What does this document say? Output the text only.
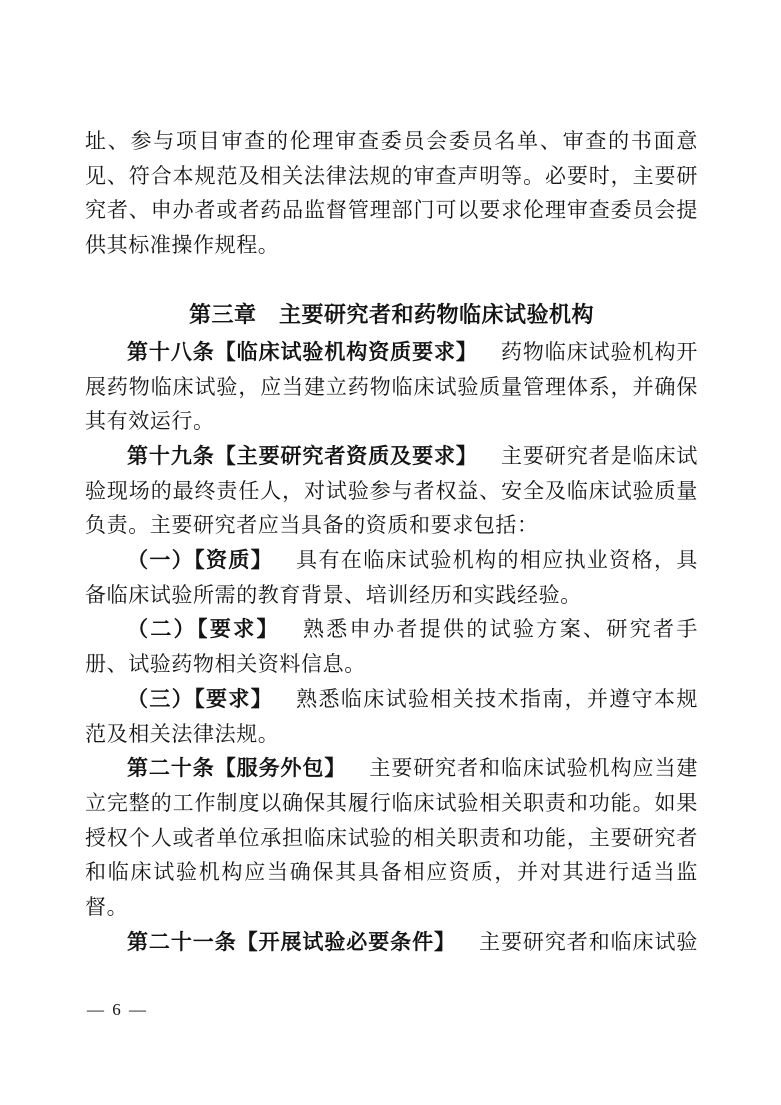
址、参与项目审查的伦理审查委员会委员名单、审查的书面意见、符合本规范及相关法律法规的审查声明等。必要时，主要研究者、申办者或者药品监督管理部门可以要求伦理审查委员会提供其标准操作规程。

第三章　主要研究者和药物临床试验机构

第十八条【临床试验机构资质要求】 药物临床试验机构开展药物临床试验，应当建立药物临床试验质量管理体系，并确保其有效运行。

第十九条【主要研究者资质及要求】 主要研究者是临床试验现场的最终责任人，对试验参与者权益、安全及临床试验质量负责。主要研究者应当具备的资质和要求包括：

（一）【资质】 具有在临床试验机构的相应执业资格，具备临床试验所需的教育背景、培训经历和实践经验。

（二）【要求】 熟悉申办者提供的试验方案、研究者手册、试验药物相关资料信息。

（三）【要求】 熟悉临床试验相关技术指南，并遵守本规范及相关法律法规。

第二十条【服务外包】 主要研究者和临床试验机构应当建立完整的工作制度以确保其履行临床试验相关职责和功能。如果授权个人或者单位承担临床试验的相关职责和功能，主要研究者和临床试验机构应当确保其具备相应资质，并对其进行适当监督。

第二十一条【开展试验必要条件】 主要研究者和临床试验

— 6 —
